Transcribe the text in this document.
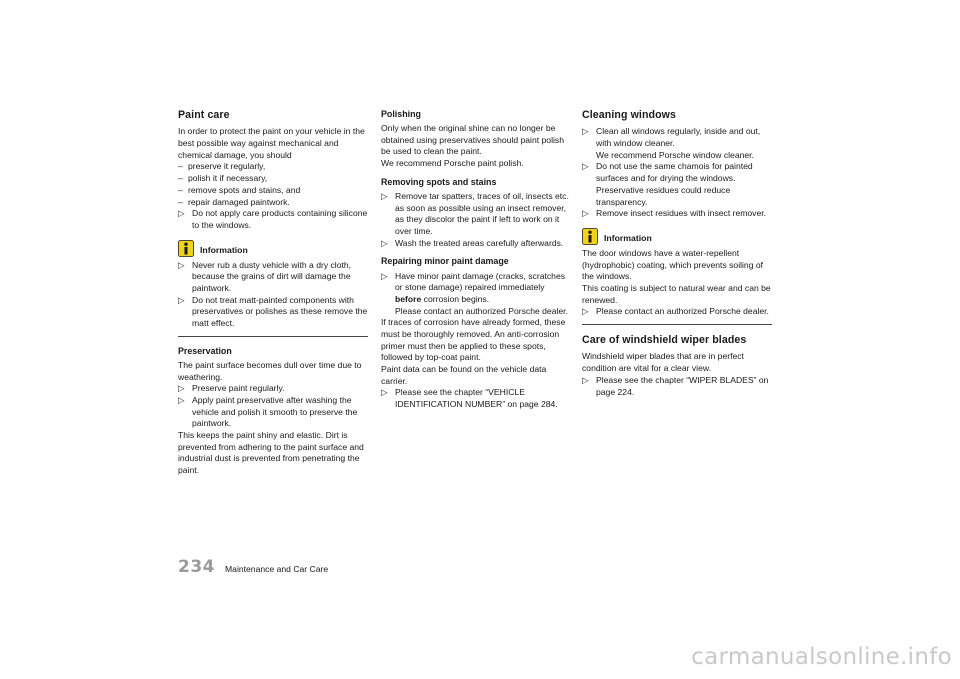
Paint care

In order to protect the paint on your vehicle in the best possible way against mechanical and chemical damage, you should

– preserve it regularly,
– polish it if necessary,
– remove spots and stains, and
– repair damaged paintwork.
▷ Do not apply care products containing silicone to the windows.
Information
▷ Never rub a dusty vehicle with a dry cloth, because the grains of dirt will damage the paintwork.
▷ Do not treat matt-painted components with preservatives or polishes as these remove the matt effect.
Preservation

The paint surface becomes dull over time due to weathering.

▷ Preserve paint regularly.
▷ Apply paint preservative after washing the vehicle and polish it smooth to preserve the paintwork.

This keeps the paint shiny and elastic. Dirt is prevented from adhering to the paint surface and industrial dust is prevented from penetrating the paint.

Polishing

Only when the original shine can no longer be obtained using preservatives should paint polish be used to clean the paint.

We recommend Porsche paint polish.

Removing spots and stains
▷ Remove tar spatters, traces of oil, insects etc. as soon as possible using an insect remover, as they discolor the paint if left to work on it over time.
▷ Wash the treated areas carefully afterwards.
Repairing minor paint damage
▷ Have minor paint damage (cracks, scratches or stone damage) repaired immediately before corrosion begins.
Please contact an authorized Porsche dealer.

If traces of corrosion have already formed, these must be thoroughly removed. An anti-corrosion primer must then be applied to these spots, followed by top-coat paint.

Paint data can be found on the vehicle data carrier.

▷ Please see the chapter “VEHICLE IDENTIFICATION NUMBER” on page 284.
Cleaning windows
▷ Clean all windows regularly, inside and out, with window cleaner.
We recommend Porsche window cleaner.
▷ Do not use the same chamois for painted surfaces and for drying the windows. Preservative residues could reduce transparency.
▷ Remove insect residues with insect remover.
Information

The door windows have a water-repellent (hydrophobic) coating, which prevents soiling of the windows.

This coating is subject to natural wear and can be renewed.

▷ Please contact an authorized Porsche dealer.
Care of windshield wiper blades

Windshield wiper blades that are in perfect condition are vital for a clear view.

▷ Please see the chapter “WIPER BLADES” on page 224.
234 Maintenance and Car Care
carmanualsonline.info
